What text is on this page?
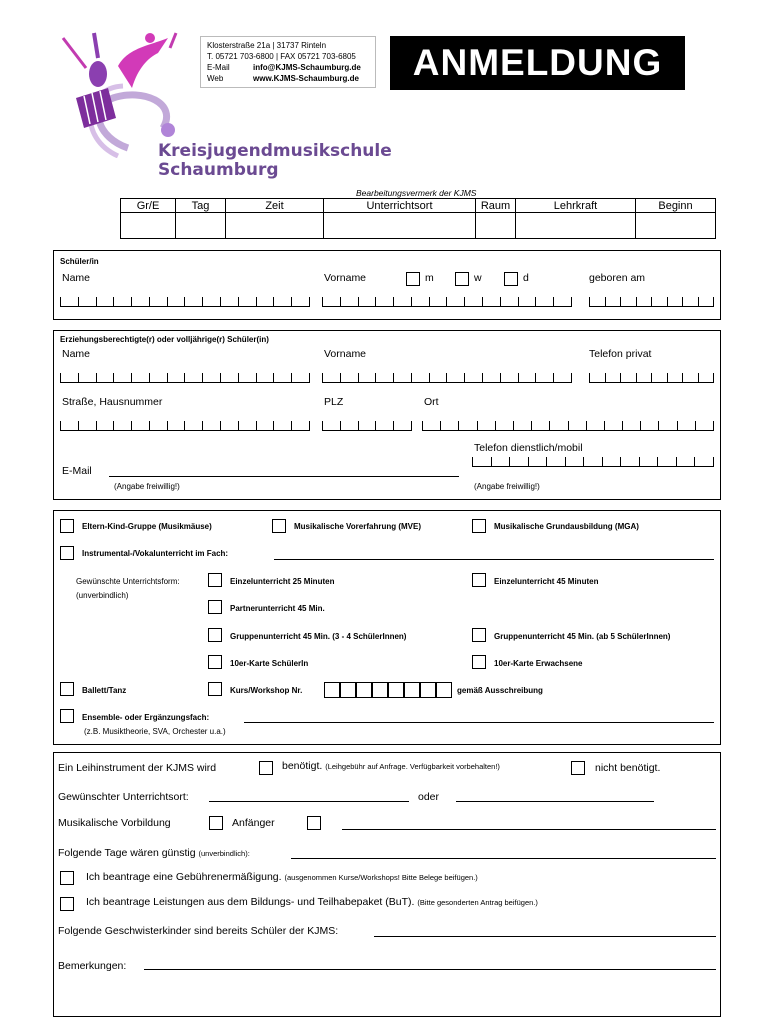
Kreisjugendmusikschule
Schaumburg
Klosterstraße 21a | 31737 Rinteln
T. 05721 703-6800 | FAX 05721 703-6805
E-Mail	info@KJMS-Schaumburg.de
Web	www.KJMS-Schaumburg.de	ANMELDUNG
Bearbeitungsvermerk der KJMS
Gr/E	Tag	Zeit	Unterrichtsort	Raum	Lehrkraft	Beginn

Schüler/in
Name	Vorname	m	w	d	geboren am
Erziehungsberechtigte(r) oder volljährige(r) Schüler(in)
Name	Vorname	Telefon privat
Straße, Hausnummer	PLZ	Ort
Telefon dienstlich/mobil
E-Mail
(Angabe freiwillig!)	(Angabe freiwillig!)
Eltern-Kind-Gruppe (Musikmäuse)	Musikalische Vorerfahrung (MVE)	Musikalische Grundausbildung (MGA)
Instrumental-/Vokalunterricht im Fach:
Gewünschte Unterrichtsform:
(unverbindlich)
Einzelunterricht 25 Minuten	Einzelunterricht 45 Minuten
Partnerunterricht 45 Min.
Gruppenunterricht 45 Min. (3 - 4 SchülerInnen)	Gruppenunterricht 45 Min. (ab 5 SchülerInnen)
10er-Karte SchülerIn	10er-Karte Erwachsene
Ballett/Tanz	Kurs/Workshop Nr.	gemäß Ausschreibung
Ensemble- oder Ergänzungsfach:
(z.B. Musiktheorie, SVA, Orchester u.a.)
Ein Leihinstrument der KJMS wird	benötigt. (Leihgebühr auf Anfrage. Verfügbarkeit vorbehalten!)	nicht benötigt.
Gewünschter Unterrichtsort:	oder
Musikalische Vorbildung	Anfänger
Folgende Tage wären günstig (unverbindlich):
Ich beantrage eine Gebührenermäßigung. (ausgenommen Kurse/Workshops! Bitte Belege beifügen.)
Ich beantrage Leistungen aus dem Bildungs- und Teilhabepaket (BuT). (Bitte gesonderten Antrag beifügen.)
Folgende Geschwisterkinder sind bereits Schüler der KJMS:
Bemerkungen:
